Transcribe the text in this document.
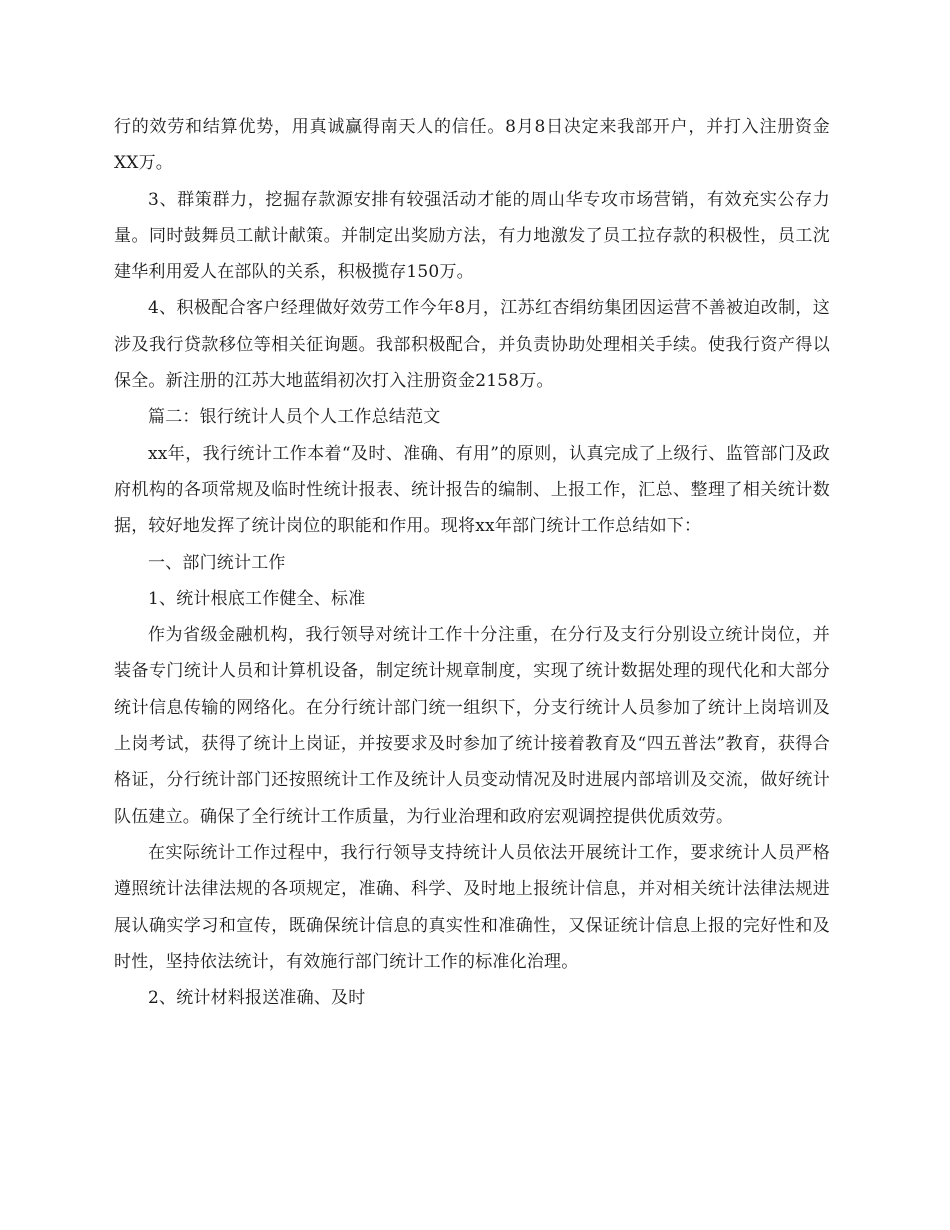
行的效劳和结算优势，用真诚赢得南天人的信任。8月8日决定来我部开户，并打入注册资金XX万。

3、群策群力，挖掘存款源安排有较强活动才能的周山华专攻市场营销，有效充实公存力量。同时鼓舞员工献计献策。并制定出奖励方法，有力地激发了员工拉存款的积极性，员工沈建华利用爱人在部队的关系，积极揽存150万。

4、积极配合客户经理做好效劳工作今年8月，江苏红杏绢纺集团因运营不善被迫改制，这涉及我行贷款移位等相关征询题。我部积极配合，并负责协助处理相关手续。使我行资产得以保全。新注册的江苏大地蓝绢初次打入注册资金2158万。

篇二：银行统计人员个人工作总结范文

xx年，我行统计工作本着“及时、准确、有用”的原则，认真完成了上级行、监管部门及政府机构的各项常规及临时性统计报表、统计报告的编制、上报工作，汇总、整理了相关统计数据，较好地发挥了统计岗位的职能和作用。现将xx年部门统计工作总结如下：

一、部门统计工作

1、统计根底工作健全、标准

作为省级金融机构，我行领导对统计工作十分注重，在分行及支行分别设立统计岗位，并装备专门统计人员和计算机设备，制定统计规章制度，实现了统计数据处理的现代化和大部分统计信息传输的网络化。在分行统计部门统一组织下，分支行统计人员参加了统计上岗培训及上岗考试，获得了统计上岗证，并按要求及时参加了统计接着教育及“四五普法”教育，获得合格证，分行统计部门还按照统计工作及统计人员变动情况及时进展内部培训及交流，做好统计队伍建立。确保了全行统计工作质量，为行业治理和政府宏观调控提供优质效劳。

在实际统计工作过程中，我行行领导支持统计人员依法开展统计工作，要求统计人员严格遵照统计法律法规的各项规定，准确、科学、及时地上报统计信息，并对相关统计法律法规进展认确实学习和宣传，既确保统计信息的真实性和准确性，又保证统计信息上报的完好性和及时性，坚持依法统计，有效施行部门统计工作的标准化治理。

2、统计材料报送准确、及时
